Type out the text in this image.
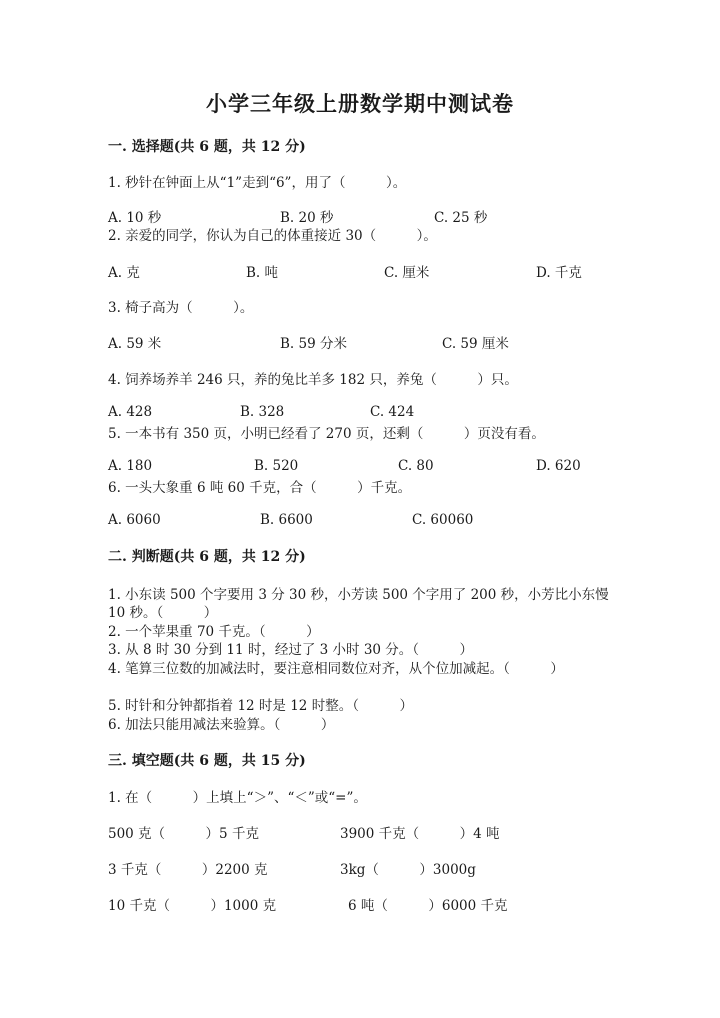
小学三年级上册数学期中测试卷
一. 选择题(共 6 题，共 12 分)
1. 秒针在钟面上从“1”走到“6”，用了（　　　）。
A. 10 秒	B. 20 秒	C. 25 秒
2. 亲爱的同学，你认为自己的体重接近 30（　　　）。
A. 克	B. 吨	C. 厘米	D. 千克
3. 椅子高为（　　　）。
A. 59 米	B. 59 分米	C. 59 厘米
4. 饲养场养羊 246 只，养的兔比羊多 182 只，养兔（　　　）只。
A. 428	B. 328	C. 424
5. 一本书有 350 页，小明已经看了 270 页，还剩（　　　）页没有看。
A. 180	B. 520	C. 80	D. 620
6. 一头大象重 6 吨 60 千克，合（　　　）千克。
A. 6060	B. 6600	C. 60060
二. 判断题(共 6 题，共 12 分)
1. 小东读 500 个字要用 3 分 30 秒，小芳读 500 个字用了 200 秒，小芳比小东慢
10 秒。（　　　）
2. 一个苹果重 70 千克。（　　　）
3. 从 8 时 30 分到 11 时，经过了 3 小时 30 分。（　　　）
4. 笔算三位数的加减法时，要注意相同数位对齐，从个位加减起。（　　　）
5. 时针和分钟都指着 12 时是 12 时整。（　　　）
6. 加法只能用减法来验算。（　　　）
三. 填空题(共 6 题，共 15 分)
1. 在（　　　）上填上“＞”、“＜”或“=”。
500 克（　　　）5 千克	3900 千克（　　　）4 吨
3 千克（　　　）2200 克	3kg（　　　）3000g
10 千克（　　　）1000 克	6 吨（　　　）6000 千克
